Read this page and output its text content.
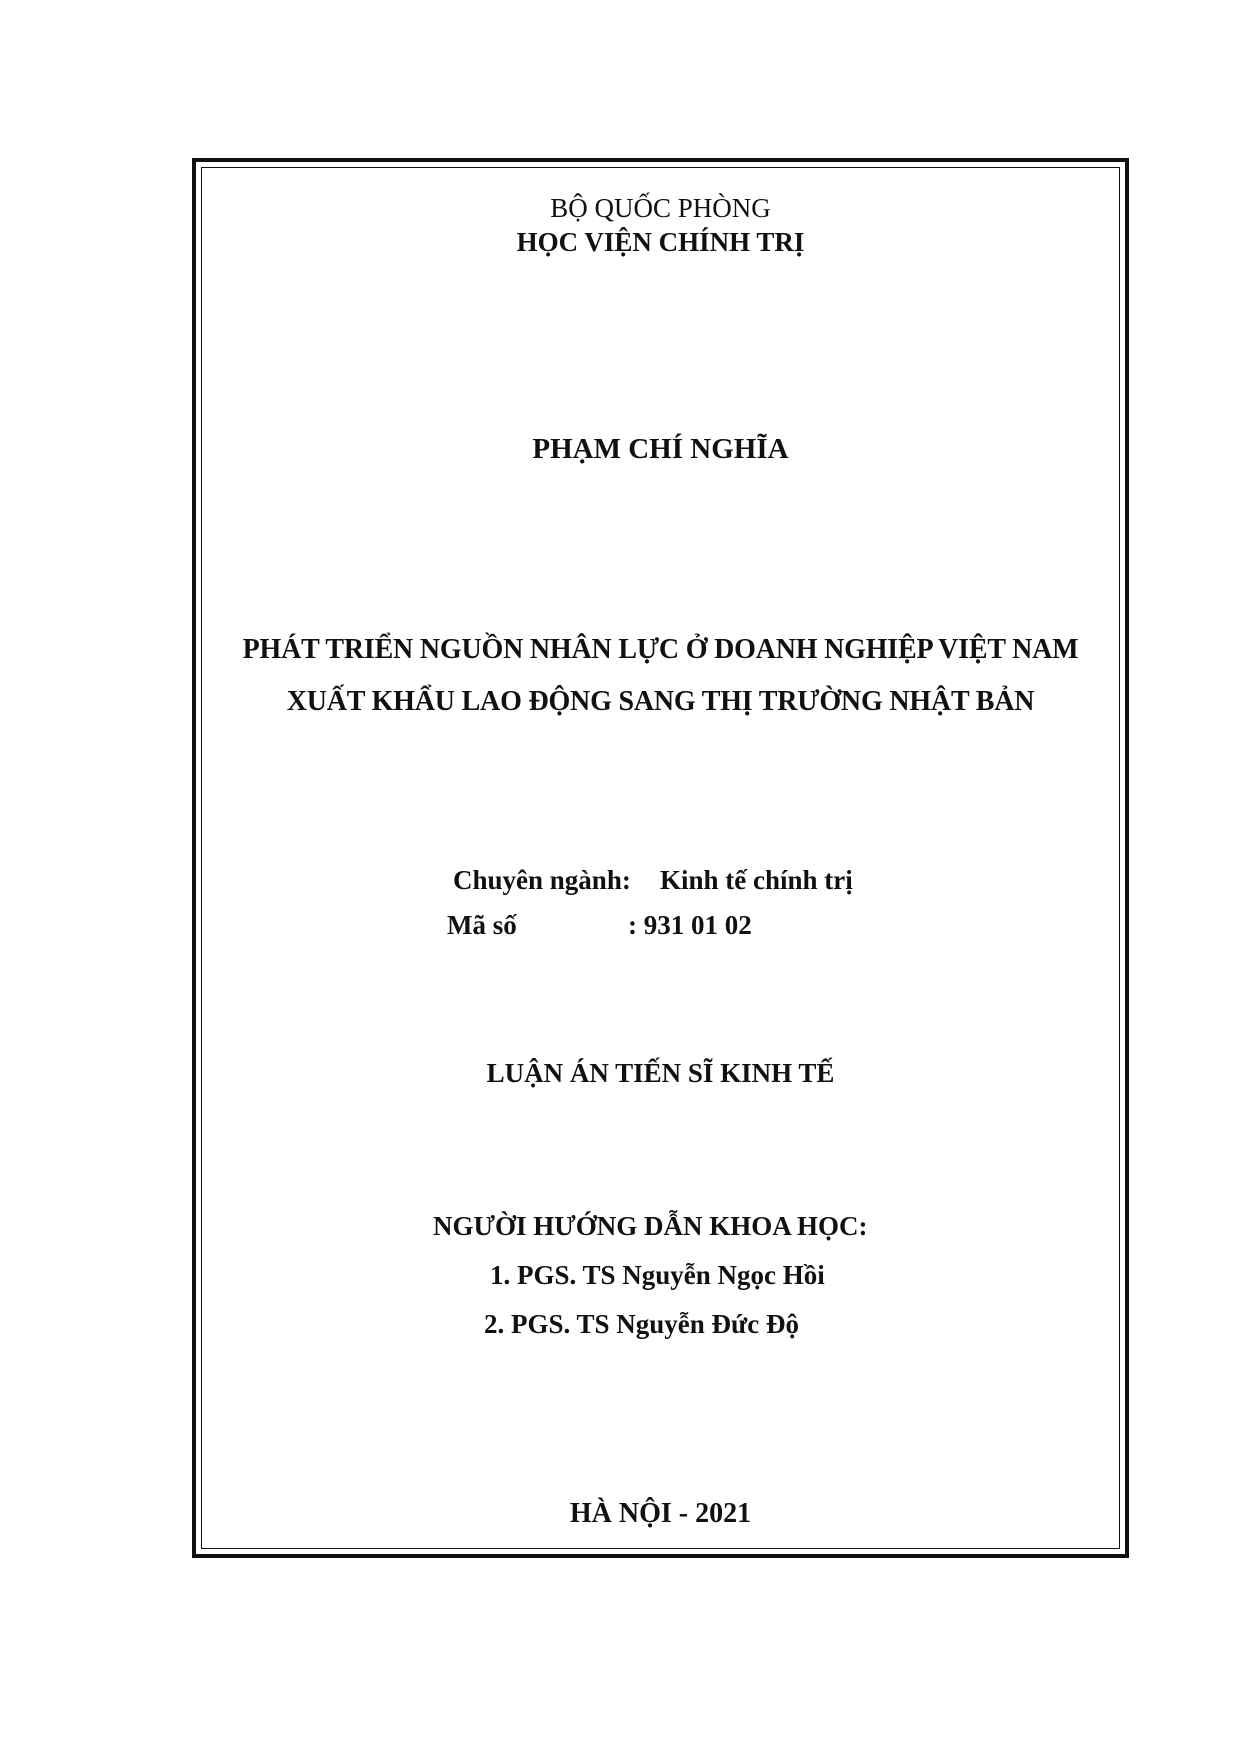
BỘ QUỐC PHÒNG
HỌC VIỆN CHÍNH TRỊ
PHẠM CHÍ NGHĨA
PHÁT TRIỂN NGUỒN NHÂN LỰC Ở DOANH NGHIỆP VIỆT NAM
XUẤT KHẨU LAO ĐỘNG SANG THỊ TRƯỜNG NHẬT BẢN
Chuyên ngành: Kinh tế chính trị
Mã số	: 931 01 02
LUẬN ÁN TIẾN SĨ KINH TẾ
NGƯỜI HƯỚNG DẪN KHOA HỌC:
1. PGS. TS Nguyễn Ngọc Hồi
2. PGS. TS Nguyễn Đức Độ
HÀ NỘI - 2021
